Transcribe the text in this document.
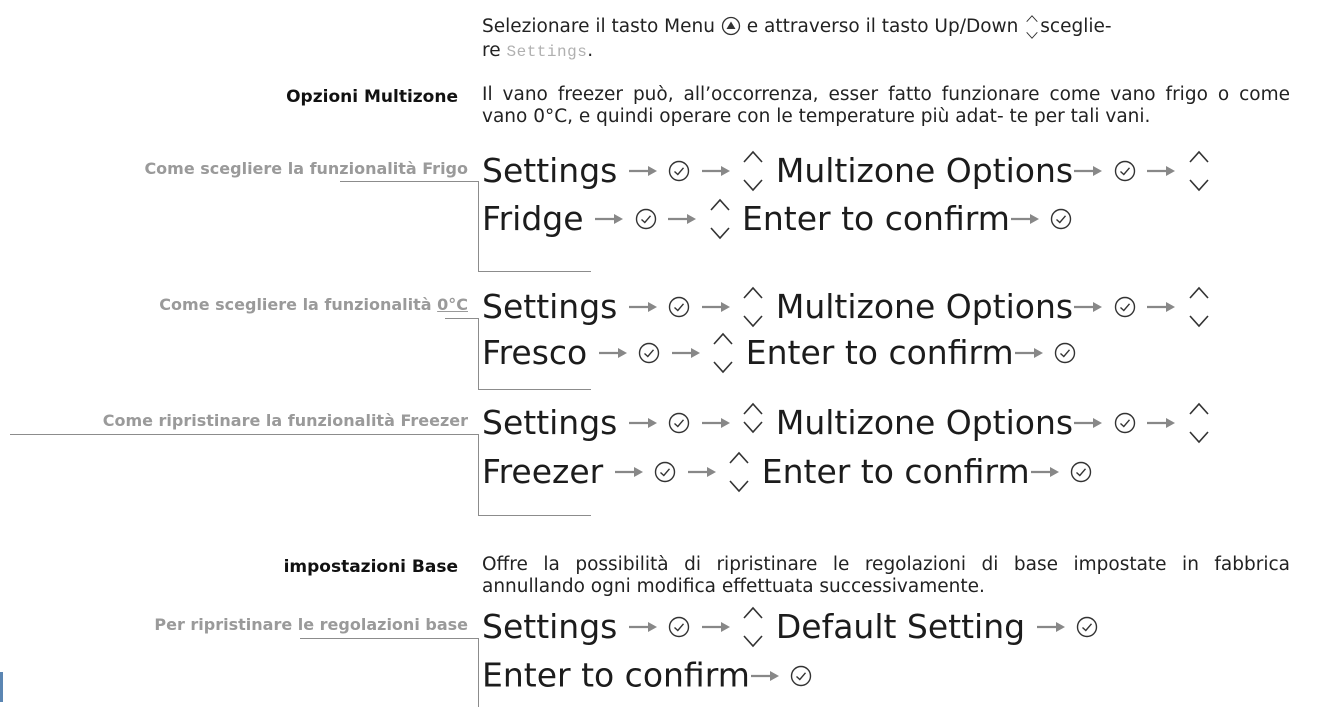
Selezionare il tasto Menu e attraverso il tasto Up/Down sceglie-
re Settings.
Opzioni Multizone Il vano freezer può, all’occorrenza, esser fatto funzionare come vano frigo o come vano 0°C, e quindi operare con le temperature più adat- te per tali vani.
Come scegliere la funzionalità Frigo Settings	Multizone Options
Fridge	Enter to confirm
Come scegliere la funzionalità 0°C Settings	Multizone Options
Fresco	Enter to confirm
Come ripristinare la funzionalità Freezer Settings	Multizone Options
Freezer	Enter to confirm
impostazioni Base Offre la possibilità di ripristinare le regolazioni di base impostate in fabbrica annullando ogni modifica effettuata successivamente.
Per ripristinare le regolazioni base Settings	Default Setting
Enter to confirm
